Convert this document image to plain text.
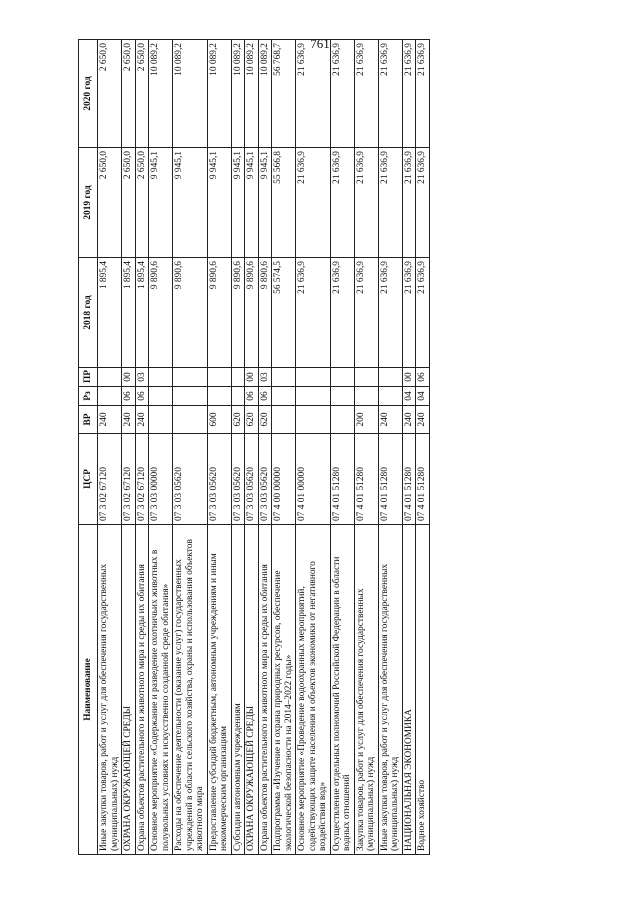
761
Наименование	ЦСР	ВР	Рз	ПР	2018 год	2019 год	2020 год
Иные закупки товаров, работ и услуг для обеспечения государственных (муниципальных) нужд	07 3 02 67120	240			1 895,4	2 650,0	2 650,0
ОХРАНА ОКРУЖАЮЩЕЙ СРЕДЫ	07 3 02 67120	240	06	00	1 895,4	2 650,0	2 650,0
Охрана объектов растительного и животного мира и среды их обитания	07 3 02 67120	240	06	03	1 895,4	2 650,0	2 650,0
Основное мероприятие «Содержание и разведение охотничьих животных в полувольных условиях и искусственно созданной среде обитания»	07 3 03 00000				9 890,6	9 945,1	10 089,2
Расходы на обеспечение деятельности (оказание услуг) государственных учреждений в области сельского хозяйства, охраны и использования объектов животного мира	07 3 03 05620				9 890,6	9 945,1	10 089,2
Предоставление субсидий бюджетным, автономным учреждениям и иным некоммерческим организациям	07 3 03 05620	600			9 890,6	9 945,1	10 089,2
Субсидии автономным учреждениям	07 3 03 05620	620			9 890,6	9 945,1	10 089,2
ОХРАНА ОКРУЖАЮЩЕЙ СРЕДЫ	07 3 03 05620	620	06	00	9 890,6	9 945,1	10 089,2
Охрана объектов растительного и животного мира и среды их обитания	07 3 03 05620	620	06	03	9 890,6	9 945,1	10 089,2
Подпрограмма «Изучение и охрана природных ресурсов, обеспечение экологической безопасности на 2014–2022 годы»	07 4 00 00000				56 574,5	55 566,8	56 768,7
Основное мероприятие «Проведение водоохранных мероприятий, содействующих защите населения и объектов экономики от негативного воздействия вод»	07 4 01 00000				21 636,9	21 636,9	21 636,9
Осуществление отдельных полномочий Российской Федерации в области водных отношений	07 4 01 51280				21 636,9	21 636,9	21 636,9
Закупка товаров, работ и услуг для обеспечения государственных (муниципальных) нужд	07 4 01 51280	200			21 636,9	21 636,9	21 636,9
Иные закупки товаров, работ и услуг для обеспечения государственных (муниципальных) нужд	07 4 01 51280	240			21 636,9	21 636,9	21 636,9
НАЦИОНАЛЬНАЯ ЭКОНОМИКА	07 4 01 51280	240	04	00	21 636,9	21 636,9	21 636,9
Водное хозяйство	07 4 01 51280	240	04	06	21 636,9	21 636,9	21 636,9
